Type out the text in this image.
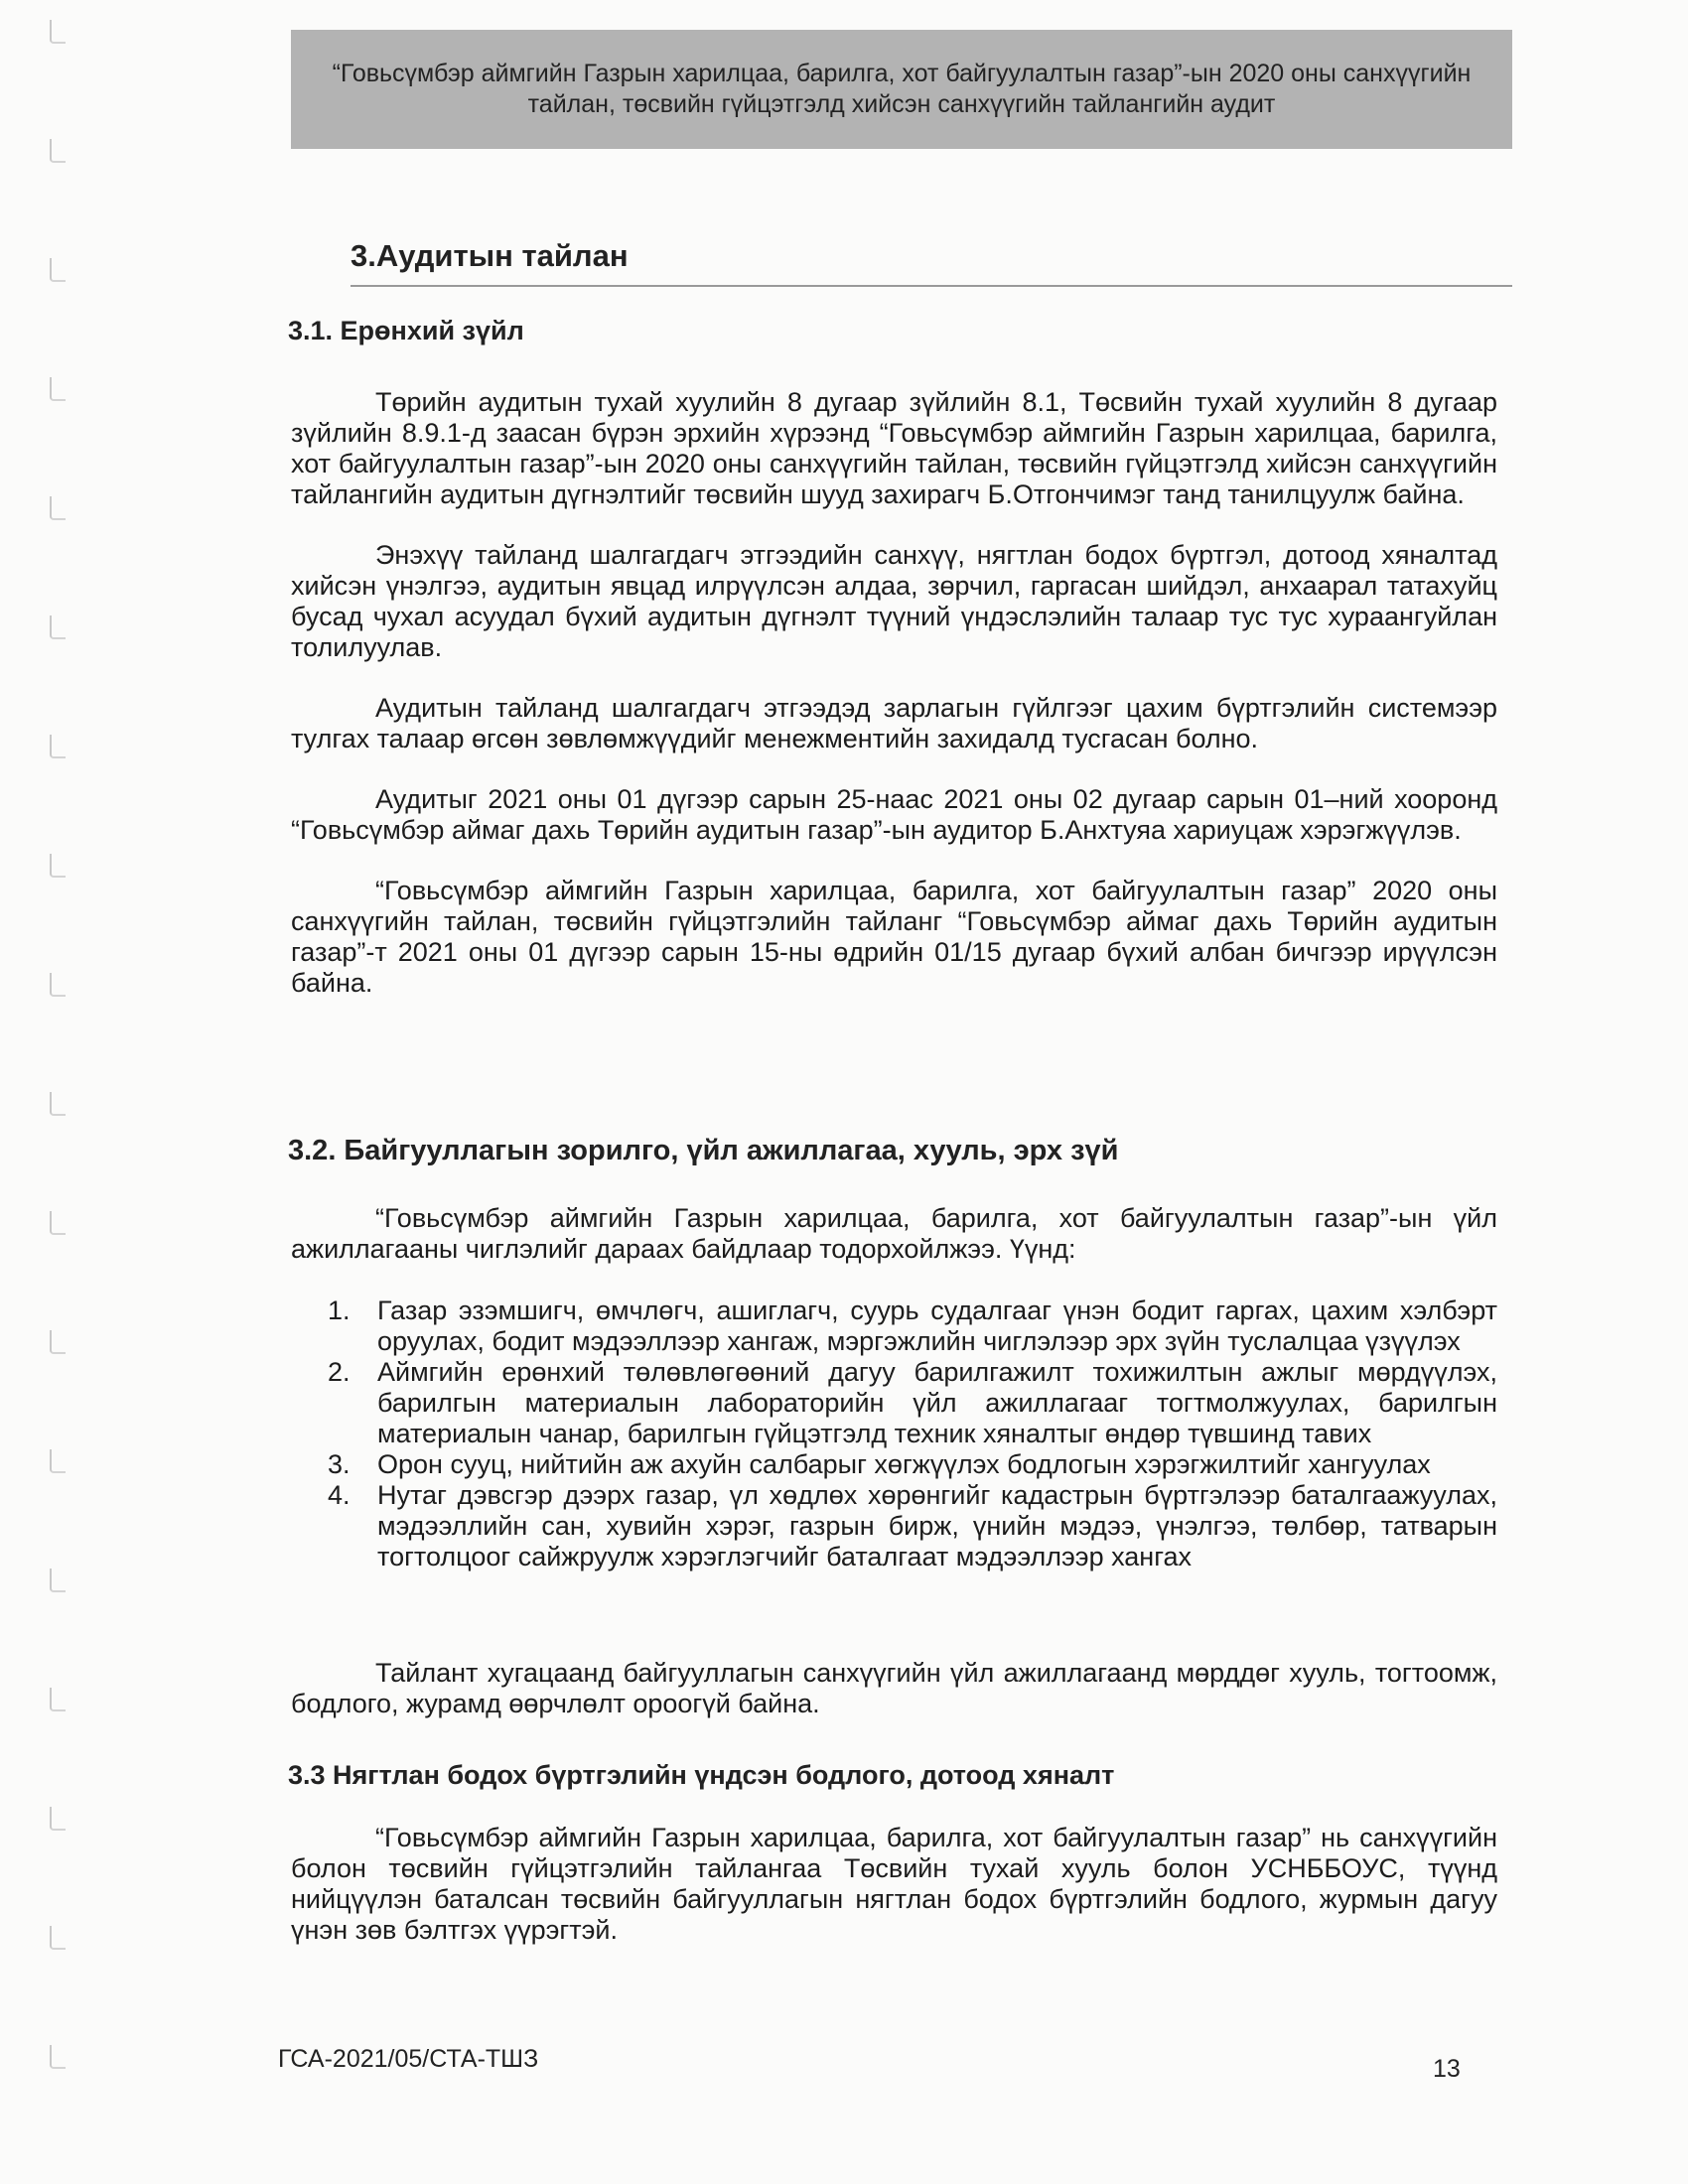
“Говьсүмбэр аймгийн Газрын харилцаа, барилга, хот байгуулалтын газар”-ын 2020 оны санхүүгийн
тайлан, төсвийн гүйцэтгэлд хийсэн санхүүгийн тайлангийн аудит
3.Аудитын тайлан
3.1. Ерөнхий зүйл

Төрийн аудитын тухай хуулийн 8 дугаар зүйлийн 8.1, Төсвийн тухай хуулийн 8 дугаар зүйлийн 8.9.1-д заасан бүрэн эрхийн хүрээнд “Говьсүмбэр аймгийн Газрын харилцаа, барилга, хот байгуулалтын газар”-ын 2020 оны санхүүгийн тайлан, төсвийн гүйцэтгэлд хийсэн санхүүгийн тайлангийн аудитын дүгнэлтийг төсвийн шууд захирагч Б.Отгончимэг танд танилцуулж байна.

Энэхүү тайланд шалгагдагч этгээдийн санхүү, нягтлан бодох бүртгэл, дотоод хяналтад хийсэн үнэлгээ, аудитын явцад илрүүлсэн алдаа, зөрчил, гаргасан шийдэл, анхаарал татахуйц бусад чухал асуудал бүхий аудитын дүгнэлт түүний үндэслэлийн талаар тус тус хураангуйлан толилуулав.

Аудитын тайланд шалгагдагч этгээдэд зарлагын гүйлгээг цахим бүртгэлийн системээр тулгах талаар өгсөн зөвлөмжүүдийг менежментийн захидалд тусгасан болно.

Аудитыг 2021 оны 01 дүгээр сарын 25-наас 2021 оны 02 дугаар сарын 01–ний хооронд “Говьсүмбэр аймаг дахь Төрийн аудитын газар”-ын аудитор Б.Анхтуяа хариуцаж хэрэгжүүлэв.

“Говьсүмбэр аймгийн Газрын харилцаа, барилга, хот байгуулалтын газар” 2020 оны санхүүгийн тайлан, төсвийн гүйцэтгэлийн тайланг “Говьсүмбэр аймаг дахь Төрийн аудитын газар”-т 2021 оны 01 дүгээр сарын 15-ны өдрийн 01/15 дугаар бүхий албан бичгээр ирүүлсэн байна.

3.2. Байгууллагын зорилго, үйл ажиллагаа, хууль, эрх зүй

“Говьсүмбэр аймгийн Газрын харилцаа, барилга, хот байгуулалтын газар”-ын үйл ажиллагааны чиглэлийг дараах байдлаар тодорхойлжээ. Үүнд:

1. Газар эзэмшигч, өмчлөгч, ашиглагч, суурь судалгааг үнэн бодит гаргах, цахим хэлбэрт оруулах, бодит мэдээллээр хангаж, мэргэжлийн чиглэлээр эрх зүйн туслалцаа үзүүлэх
2. Аймгийн ерөнхий төлөвлөгөөний дагуу барилгажилт тохижилтын ажлыг мөрдүүлэх, барилгын материалын лабораторийн үйл ажиллагааг тогтмолжуулах, барилгын материалын чанар, барилгын гүйцэтгэлд техник хяналтыг өндөр түвшинд тавих
3. Орон сууц, нийтийн аж ахуйн салбарыг хөгжүүлэх бодлогын хэрэгжилтийг хангуулах
4. Нутаг дэвсгэр дээрх газар, үл хөдлөх хөрөнгийг кадастрын бүртгэлээр баталгаажуулах, мэдээллийн сан, хувийн хэрэг, газрын бирж, үнийн мэдээ, үнэлгээ, төлбөр, татварын тогтолцоог сайжруулж хэрэглэгчийг баталгаат мэдээллээр хангах

Тайлант хугацаанд байгууллагын санхүүгийн үйл ажиллагаанд мөрддөг хууль, тогтоомж, бодлого, журамд өөрчлөлт ороогүй байна.

3.3 Нягтлан бодох бүртгэлийн үндсэн бодлого, дотоод хяналт

“Говьсүмбэр аймгийн Газрын харилцаа, барилга, хот байгуулалтын газар” нь санхүүгийн болон төсвийн гүйцэтгэлийн тайлангаа Төсвийн тухай хууль болон УСНББОУС, түүнд нийцүүлэн баталсан төсвийн байгууллагын нягтлан бодох бүртгэлийн бодлого, журмын дагуу үнэн зөв бэлтгэх үүрэгтэй.

ГСА-2021/05/СТА-ТШЗ	13
